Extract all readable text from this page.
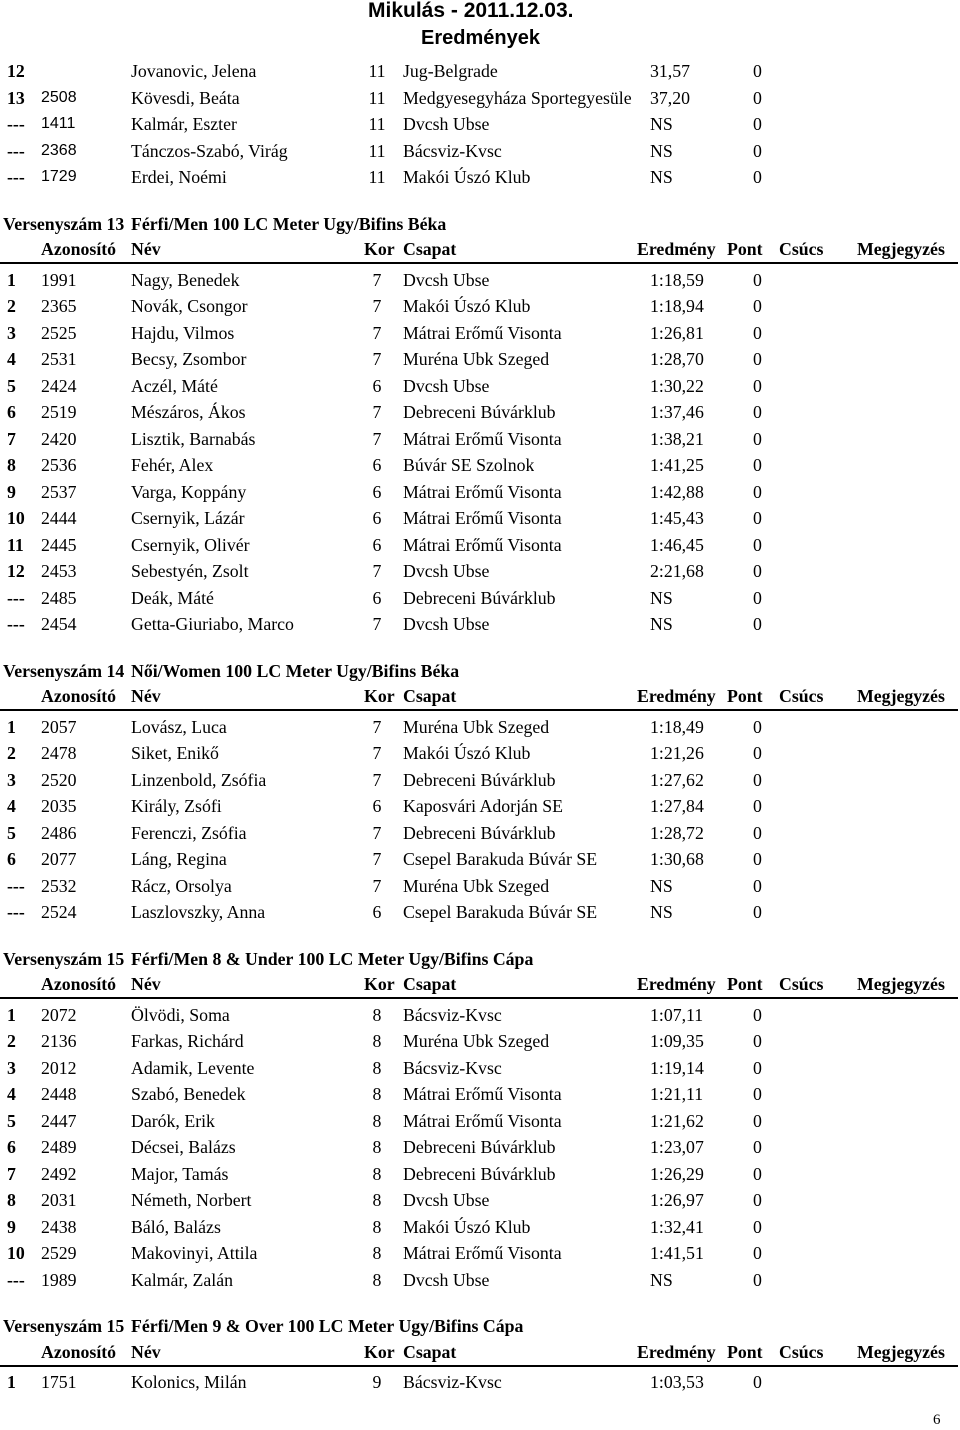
Mikulás - 2011.12.03.
Eredmények
12	Jovanovic, Jelena	11 Jug-Belgrade	31,57	0
13 2508	Kövesdi, Beáta	11 Medgyesegyháza Sportegyesüle 37,20	0
--- 1411	Kalmár, Eszter	11 Dvcsh Ubse	NS	0
--- 2368	Tánczos-Szabó, Virág	11 Bácsviz-Kvsc	NS	0
--- 1729	Erdei, Noémi	11 Makói Úszó Klub	NS	0
Versenyszám 13 Férfi/Men 100 LC Meter Ugy/Bifins Béka
Azonosító Név	Kor Csapat	Eredmény Pont Csúcs Megjegyzés
1 1991	Nagy, Benedek	7	Dvcsh Ubse	1:18,59	0
2 2365	Novák, Csongor	7	Makói Úszó Klub	1:18,94	0
3 2525	Hajdu, Vilmos	7	Mátrai Erőmű Visonta	1:26,81	0
4 2531	Becsy, Zsombor	7	Muréna Ubk Szeged	1:28,70	0
5 2424	Aczél, Máté	6	Dvcsh Ubse	1:30,22	0
6 2519	Mészáros, Ákos	7	Debreceni Búvárklub	1:37,46	0
7 2420	Lisztik, Barnabás	7	Mátrai Erőmű Visonta	1:38,21	0
8 2536	Fehér, Alex	6	Búvár SE Szolnok	1:41,25	0
9 2537	Varga, Koppány	6	Mátrai Erőmű Visonta	1:42,88	0
10 2444	Csernyik, Lázár	6	Mátrai Erőmű Visonta	1:45,43	0
11 2445	Csernyik, Olivér	6	Mátrai Erőmű Visonta	1:46,45	0
12 2453	Sebestyén, Zsolt	7	Dvcsh Ubse	2:21,68	0
--- 2485	Deák, Máté	6	Debreceni Búvárklub	NS	0
--- 2454	Getta-Giuriabo, Marco	7	Dvcsh Ubse	NS	0
Versenyszám 14 Női/Women 100 LC Meter Ugy/Bifins Béka
Azonosító Név	Kor Csapat	Eredmény Pont Csúcs Megjegyzés
1 2057	Lovász, Luca	7	Muréna Ubk Szeged	1:18,49	0
2 2478	Siket, Enikő	7	Makói Úszó Klub	1:21,26	0
3 2520	Linzenbold, Zsófia	7	Debreceni Búvárklub	1:27,62	0
4 2035	Király, Zsófi	6	Kaposvári Adorján SE	1:27,84	0
5 2486	Ferenczi, Zsófia	7	Debreceni Búvárklub	1:28,72	0
6 2077	Láng, Regina	7	Csepel Barakuda Búvár SE	1:30,68	0
--- 2532	Rácz, Orsolya	7	Muréna Ubk Szeged	NS	0
--- 2524	Laszlovszky, Anna	6	Csepel Barakuda Búvár SE	NS	0
Versenyszám 15 Férfi/Men 8 & Under 100 LC Meter Ugy/Bifins Cápa
Azonosító Név	Kor Csapat	Eredmény Pont Csúcs Megjegyzés
1 2072	Ölvödi, Soma	8	Bácsviz-Kvsc	1:07,11	0
2 2136	Farkas, Richárd	8	Muréna Ubk Szeged	1:09,35	0
3 2012	Adamik, Levente	8	Bácsviz-Kvsc	1:19,14	0
4 2448	Szabó, Benedek	8	Mátrai Erőmű Visonta	1:21,11	0
5 2447	Darók, Erik	8	Mátrai Erőmű Visonta	1:21,62	0
6 2489	Décsei, Balázs	8	Debreceni Búvárklub	1:23,07	0
7 2492	Major, Tamás	8	Debreceni Búvárklub	1:26,29	0
8 2031	Németh, Norbert	8	Dvcsh Ubse	1:26,97	0
9 2438	Báló, Balázs	8	Makói Úszó Klub	1:32,41	0
10 2529	Makovinyi, Attila	8	Mátrai Erőmű Visonta	1:41,51	0
--- 1989	Kalmár, Zalán	8	Dvcsh Ubse	NS	0
Versenyszám 15 Férfi/Men 9 & Over 100 LC Meter Ugy/Bifins Cápa
Azonosító Név	Kor Csapat	Eredmény Pont Csúcs Megjegyzés
1 1751	Kolonics, Milán	9	Bácsviz-Kvsc	1:03,53	0
6
